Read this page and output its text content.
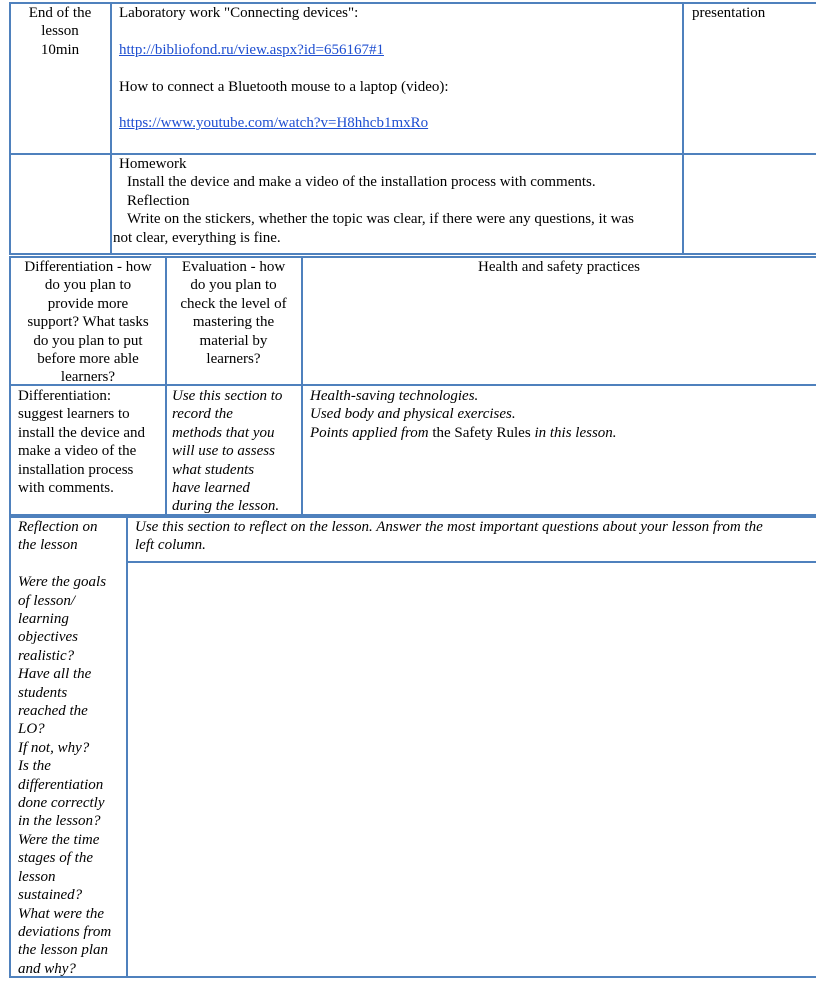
End of the

lesson

10min

Laboratory work "Connecting devices":

http://bibliofond.ru/view.aspx?id=656167#1

How to connect a Bluetooth mouse to a laptop (video):

https://www.youtube.com/watch?v=H8hhcb1mxRo

presentation

Homework

Install the device and make a video of the installation process with comments.

Reflection

Write on the stickers, whether the topic was clear, if there were any questions, it was

not clear, everything is fine.

Differentiation - how

do you plan to

provide more

support? What tasks

do you plan to put

before more able

learners?

Evaluation - how

do you plan to

check the level of

mastering the

material by

learners?

Health and safety practices

Differentiation:

suggest learners to

install the device and

make a video of the

installation process

with comments.

Use this section to

record the

methods that you

will use to assess

what students

have learned

during the lesson.

Health-saving technologies.

Used body and physical exercises.

Points applied from the Safety Rules in this lesson.

Reflection on

the lesson

Were the goals

of lesson/

learning

objectives

realistic?

Have all the

students

reached the

LO?

If not, why?

Is the

differentiation

done correctly

in the lesson?

Were the time

stages of the

lesson

sustained?

What were the

deviations from

the lesson plan

and why?

Use this section to reflect on the lesson. Answer the most important questions about your lesson from the

left column.
